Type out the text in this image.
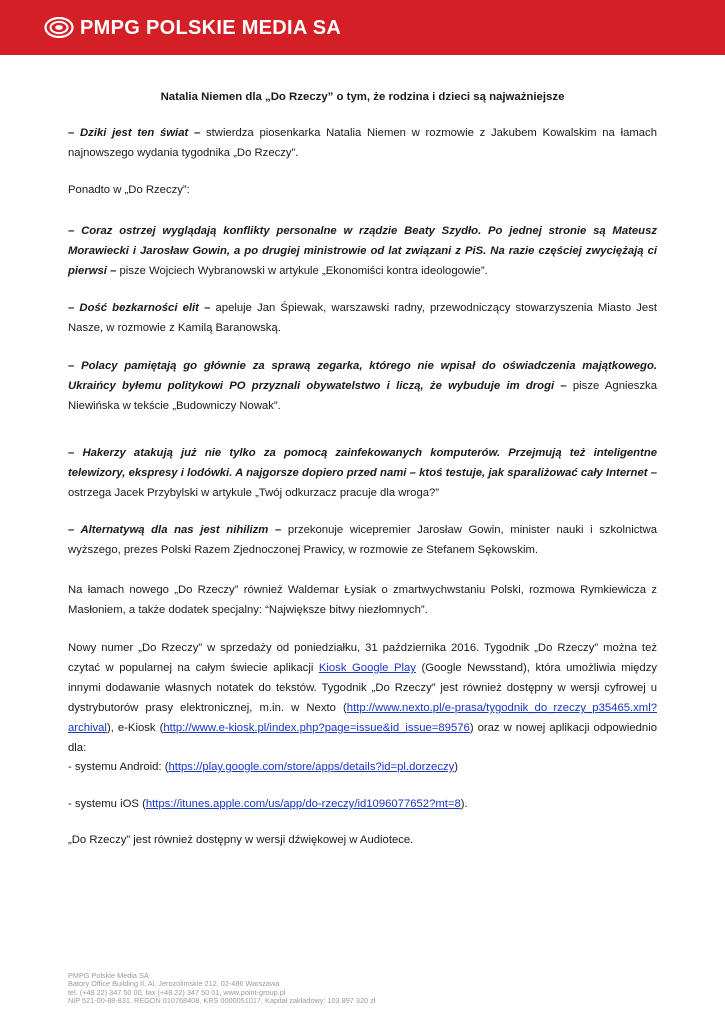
PMPG POLSKIE MEDIA SA
Natalia Niemen dla „Do Rzeczy” o tym, że rodzina i dzieci są najważniejsze
– Dziki jest ten świat – stwierdza piosenkarka Natalia Niemen w rozmowie z Jakubem Kowalskim na łamach najnowszego wydania tygodnika „Do Rzeczy”.
Ponadto w „Do Rzeczy”:
– Coraz ostrzej wyglądają konflikty personalne w rządzie Beaty Szydło. Po jednej stronie są Mateusz Morawiecki i Jarosław Gowin, a po drugiej ministrowie od lat związani z PiS. Na razie częściej zwyciężają ci pierwsi – pisze Wojciech Wybranowski w artykule „Ekonomiści kontra ideologowie”.
– Dość bezkarności elit – apeluje Jan Śpiewak, warszawski radny, przewodniczący stowarzyszenia Miasto Jest Nasze, w rozmowie z Kamilą Baranowską.
– Polacy pamiętają go głównie za sprawą zegarka, którego nie wpisał do oświadczenia majątkowego. Ukraińcy byłemu politykowi PO przyznali obywatelstwo i liczą, że wybuduje im drogi – pisze Agnieszka Niewińska w tekście „Budowniczy Nowak”.
– Hakerzy atakują już nie tylko za pomocą zainfekowanych komputerów. Przejmują też inteligentne telewizory, ekspresy i lodówki. A najgorsze dopiero przed nami – ktoś testuje, jak sparaliżować cały Internet – ostrzega Jacek Przybylski w artykule „Twój odkurzacz pracuje dla wroga?”
– Alternatywą dla nas jest nihilizm – przekonuje wicepremier Jarosław Gowin, minister nauki i szkolnictwa wyższego, prezes Polski Razem Zjednoczonej Prawicy, w rozmowie ze Stefanem Sękowskim.
Na łamach nowego „Do Rzeczy” również Waldemar Łysiak o zmartwychwstaniu Polski, rozmowa Rymkiewicza z Masłoniem, a także dodatek specjalny: “Największe bitwy niezłomnych”.
Nowy numer „Do Rzeczy” w sprzedaży od poniedziałku, 31 października 2016. Tygodnik „Do Rzeczy” można też czytać w popularnej na całym świecie aplikacji Kiosk Google Play (Google Newsstand), która umożliwia między innymi dodawanie własnych notatek do tekstów. Tygodnik „Do Rzeczy” jest również dostępny w wersji cyfrowej u dystrybutorów prasy elektronicznej, m.in. w Nexto (http://www.nexto.pl/e-prasa/tygodnik_do_rzeczy_p35465.xml?archival), e-Kiosk (http://www.e-kiosk.pl/index.php?page=issue&id_issue=89576) oraz w nowej aplikacji odpowiednio dla:
- systemu Android: (https://play.google.com/store/apps/details?id=pl.dorzeczy)
- systemu iOS (https://itunes.apple.com/us/app/do-rzeczy/id1096077652?mt=8).
„Do Rzeczy” jest również dostępny w wersji dźwiękowej w Audiotece.
PMPG Polskie Media SA
Batory Office Building II, Al. Jerozolimskie 212, 02-486 Warszawa
tel. (+48 22) 347 50 00, fax (+48 22) 347 50 01, www.point-group.pl
NIP 521-00-88-831, REGON 010768408, KRS 0000051017, Kapitał zakładowy: 103 897 320 zł
